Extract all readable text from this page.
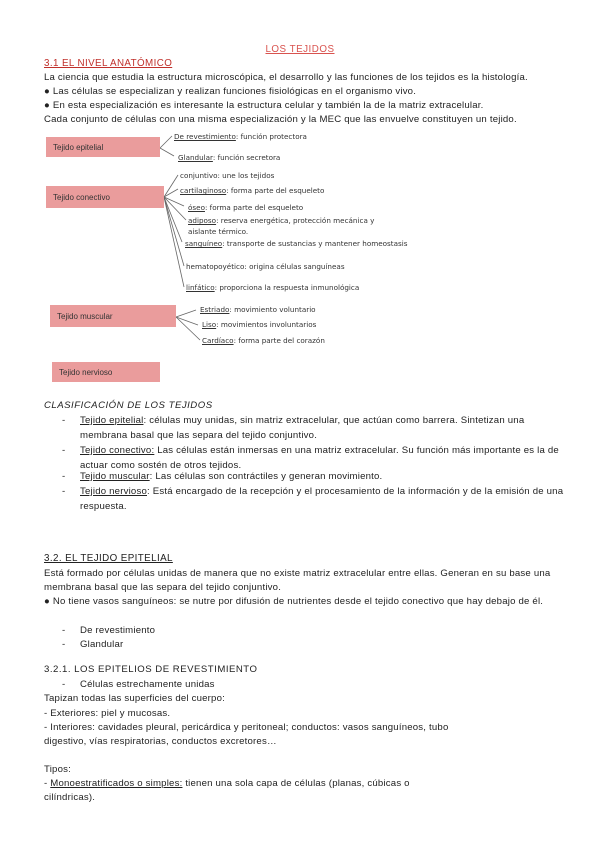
LOS TEJIDOS
3.1 EL NIVEL ANATÓMICO
La ciencia que estudia la estructura microscópica, el desarrollo y las funciones de los tejidos es la histología.
● Las células se especializan y realizan funciones fisiológicas en el organismo vivo.
● En esta especialización es interesante la estructura celular y también la de la matriz extracelular.
Cada conjunto de células con una misma especialización y la MEC que las envuelve constituyen un tejido.
Tejido epitelial
De revestimiento: función protectora
Glandular: función secretora
Tejido conectivo
conjuntivo: une los tejidos
cartilaginoso: forma parte del esqueleto
óseo: forma parte del esqueleto
adiposo: reserva energética, protección mecánica y
aislante térmico.
sanguíneo: transporte de sustancias y mantener homeostasis
hematopoyético: origina células sanguíneas
linfático: proporciona la respuesta inmunológica
Tejido muscular
Estriado: movimiento voluntario
Liso: movimientos involuntarios
Cardíaco: forma parte del corazón
Tejido nervioso
CLASIFICACIÓN DE LOS TEJIDOS
- Tejido epitelial: células muy unidas, sin matriz extracelular, que actúan como barrera. Sintetizan una membrana basal que las separa del tejido conjuntivo.
- Tejido conectivo: Las células están inmersas en una matriz extracelular. Su función más importante es la de actuar como sostén de otros tejidos.
- Tejido muscular: Las células son contráctiles y generan movimiento.
- Tejido nervioso: Está encargado de la recepción y el procesamiento de la información y de la emisión de una respuesta.
3.2. EL TEJIDO EPITELIAL
Está formado por células unidas de manera que no existe matriz extracelular entre ellas. Generan en su base una membrana basal que las separa del tejido conjuntivo.
● No tiene vasos sanguíneos: se nutre por difusión de nutrientes desde el tejido conectivo que hay debajo de él.
- De revestimiento
- Glandular
3.2.1. LOS EPITELIOS DE REVESTIMIENTO
- Células estrechamente unidas
Tapizan todas las superficies del cuerpo:
- Exteriores: piel y mucosas.
- Interiores: cavidades pleural, pericárdica y peritoneal; conductos: vasos sanguíneos, tubo
digestivo, vías respiratorias, conductos excretores…
Tipos:
- Monoestratificados o simples: tienen una sola capa de células (planas, cúbicas o
cilíndricas).
